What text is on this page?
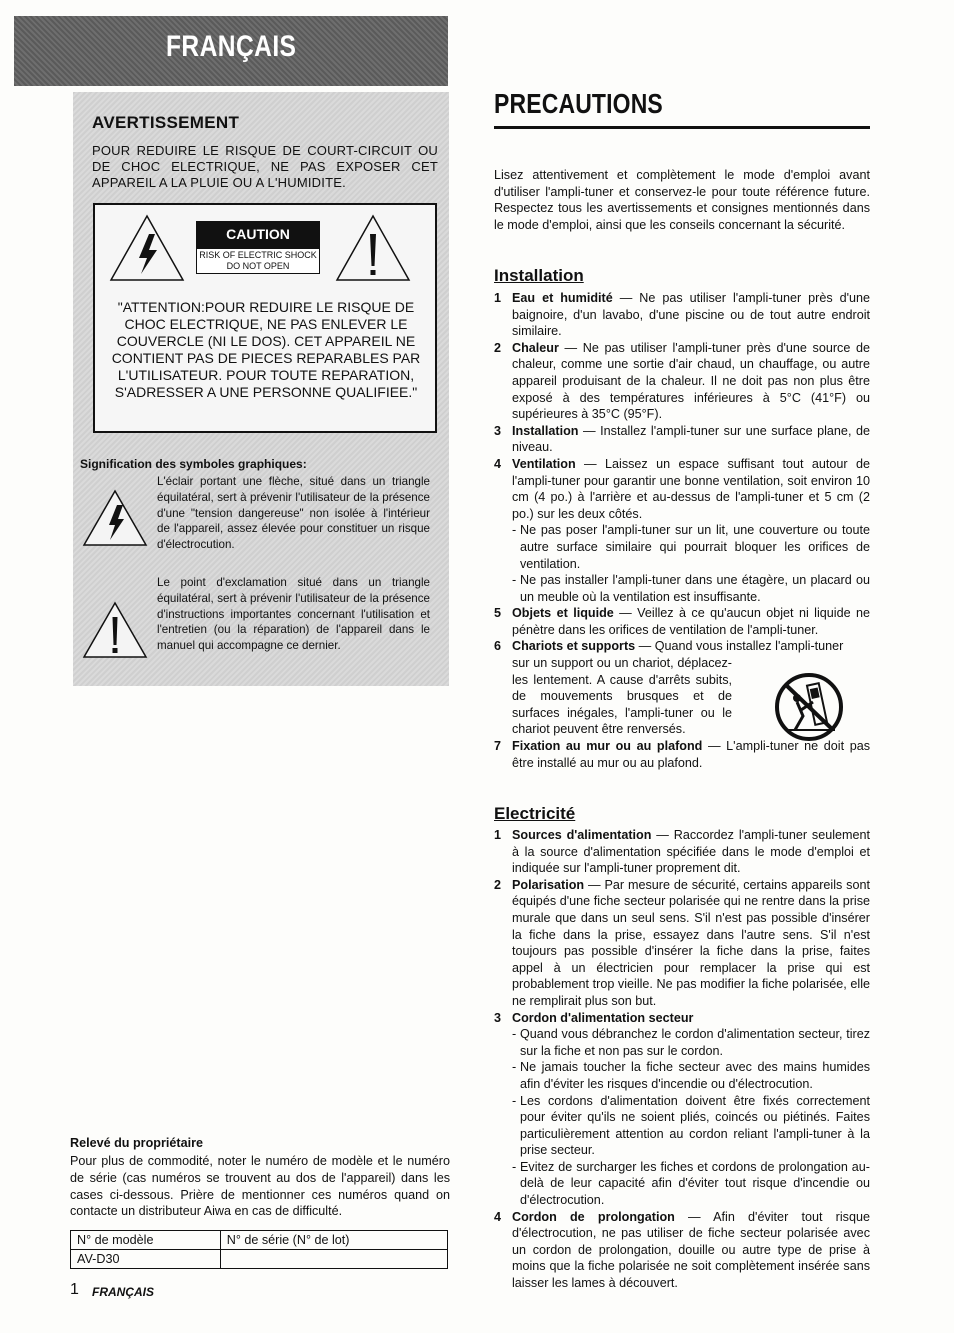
FRANÇAIS
AVERTISSEMENT
POUR REDUIRE LE RISQUE DE COURT-CIRCUIT OU DE CHOC ELECTRIQUE, NE PAS EXPOSER CET APPAREIL A LA PLUIE OU A L'HUMIDITE.
CAUTION
RISK OF ELECTRIC SHOCK
DO NOT OPEN
"ATTENTION:POUR REDUIRE LE RISQUE DE CHOC ELECTRIQUE, NE PAS ENLEVER LE COUVERCLE (NI LE DOS). CET APPAREIL NE CONTIENT PAS DE PIECES REPARABLES PAR L'UTILISATEUR. POUR TOUTE REPARATION, S'ADRESSER A UNE PERSONNE QUALIFIEE."
Signification des symboles graphiques:
L'éclair portant une flèche, situé dans un triangle équilatéral, sert à prévenir l'utilisateur de la présence d'une "tension dangereuse" non isolée à l'intérieur de l'appareil, assez élevée pour constituer un risque d'électrocution.
Le point d'exclamation situé dans un triangle équilatéral, sert à prévenir l'utilisateur de la présence d'instructions importantes concernant l'utilisation et l'entretien (ou la réparation) de l'appareil dans le manuel qui accompagne ce dernier.
Relevé du propriétaire
Pour plus de commodité, noter le numéro de modèle et le numéro de série (cas numéros se trouvent au dos de l'appareil) dans les cases ci-dessous. Prière de mentionner ces numéros quand on contacte un distributeur Aiwa en cas de difficulté.
N° de modèle	N° de série (N° de lot)
AV-D30	
1 FRANÇAIS
PRECAUTIONS
Lisez attentivement et complètement le mode d'emploi avant d'utiliser l'ampli-tuner et conservez-le pour toute référence future. Respectez tous les avertissements et consignes mentionnés dans le mode d'emploi, ainsi que les conseils concernant la sécurité.
Installation
1 Eau et humidité — Ne pas utiliser l'ampli-tuner près d'une baignoire, d'un lavabo, d'une piscine ou de tout autre endroit similaire.
2 Chaleur — Ne pas utiliser l'ampli-tuner près d'une source de chaleur, comme une sortie d'air chaud, un chauffage, ou autre appareil produisant de la chaleur. Il ne doit pas non plus être exposé à des températures inférieures à 5°C (41°F) ou supérieures à 35°C (95°F).
3 Installation — Installez l'ampli-tuner sur une surface plane, de niveau.
4 Ventilation — Laissez un espace suffisant tout autour de l'ampli-tuner pour garantir une bonne ventilation, soit environ 10 cm (4 po.) à l'arrière et au-dessus de l'ampli-tuner et 5 cm (2 po.) sur les deux côtés.
- Ne pas poser l'ampli-tuner sur un lit, une couverture ou toute autre surface similaire qui pourrait bloquer les orifices de ventilation.
- Ne pas installer l'ampli-tuner dans une étagère, un placard ou un meuble où la ventilation est insuffisante.
5 Objets et liquide — Veillez à ce qu'aucun objet ni liquide ne pénètre dans les orifices de ventilation de l'ampli-tuner.
6 Chariots et supports — Quand vous installez l'ampli-tuner
sur un support ou un chariot, déplacez-les lentement. A cause d'arrêts subits, de mouvements brusques et de surfaces inégales, l'ampli-tuner ou le chariot peuvent être renversés.
7 Fixation au mur ou au plafond — L'ampli-tuner ne doit pas être installé au mur ou au plafond.
Electricité
1 Sources d'alimentation — Raccordez l'ampli-tuner seulement à la source d'alimentation spécifiée dans le mode d'emploi et indiquée sur l'ampli-tuner proprement dit.
2 Polarisation — Par mesure de sécurité, certains appareils sont équipés d'une fiche secteur polarisée qui ne rentre dans la prise murale que dans un seul sens. S'il n'est pas possible d'insérer la fiche dans la prise, essayez dans l'autre sens. S'il n'est toujours pas possible d'insérer la fiche dans la prise, faites appel à un électricien pour remplacer la prise qui est probablement trop vieille. Ne pas modifier la fiche polarisée, elle ne remplirait plus son but.
3 Cordon d'alimentation secteur
- Quand vous débranchez le cordon d'alimentation secteur, tirez sur la fiche et non pas sur le cordon.
- Ne jamais toucher la fiche secteur avec des mains humides afin d'éviter les risques d'incendie ou d'électrocution.
- Les cordons d'alimentation doivent être fixés correctement pour éviter qu'ils ne soient pliés, coincés ou piétinés. Faites particulièrement attention au cordon reliant l'ampli-tuner à la prise secteur.
- Evitez de surcharger les fiches et cordons de prolongation au-delà de leur capacité afin d'éviter tout risque d'incendie ou d'électrocution.
4 Cordon de prolongation — Afin d'éviter tout risque d'électrocution, ne pas utiliser de fiche secteur polarisée avec un cordon de prolongation, douille ou autre type de prise à moins que la fiche polarisée ne soit complètement insérée sans laisser les lames à découvert.
